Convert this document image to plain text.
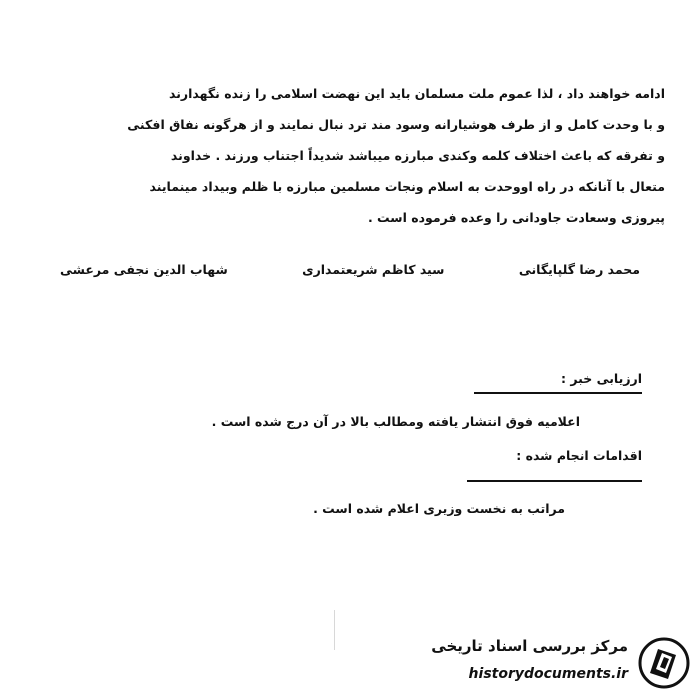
ادامه خواهند داد ، لذا عموم ملت مسلمان باید این نهضت اسلامی را زنده نگهدارند
و با وحدت کامل و از طرف هوشیارانه وسود مند ترد نبال نمایند و از هرگونه نفاق افکنی
و تفرقه که باعث اختلاف کلمه وکندی مبارزه میباشد شدیداً اجتناب ورزند . خداوند
متعال با آنانکه در راه اووحدت به اسلام ونجات مسلمین مبارزه با ظلم وبیداد مینمایند
پیروزی وسعادت جاودانی را وعده فرموده است .
محمد رضا گلپایگانی
سید کاظم شریعتمداری
شهاب الدین نجفی مرعشی
ارزیابی خبر :
اعلامیه فوق انتشار یافته ومطالب بالا در آن درج شده است .
اقدامات انجام شده :
مراتب به نخست وزیری اعلام شده است .
مرکز بررسی اسناد تاریخی
historydocuments.ir
